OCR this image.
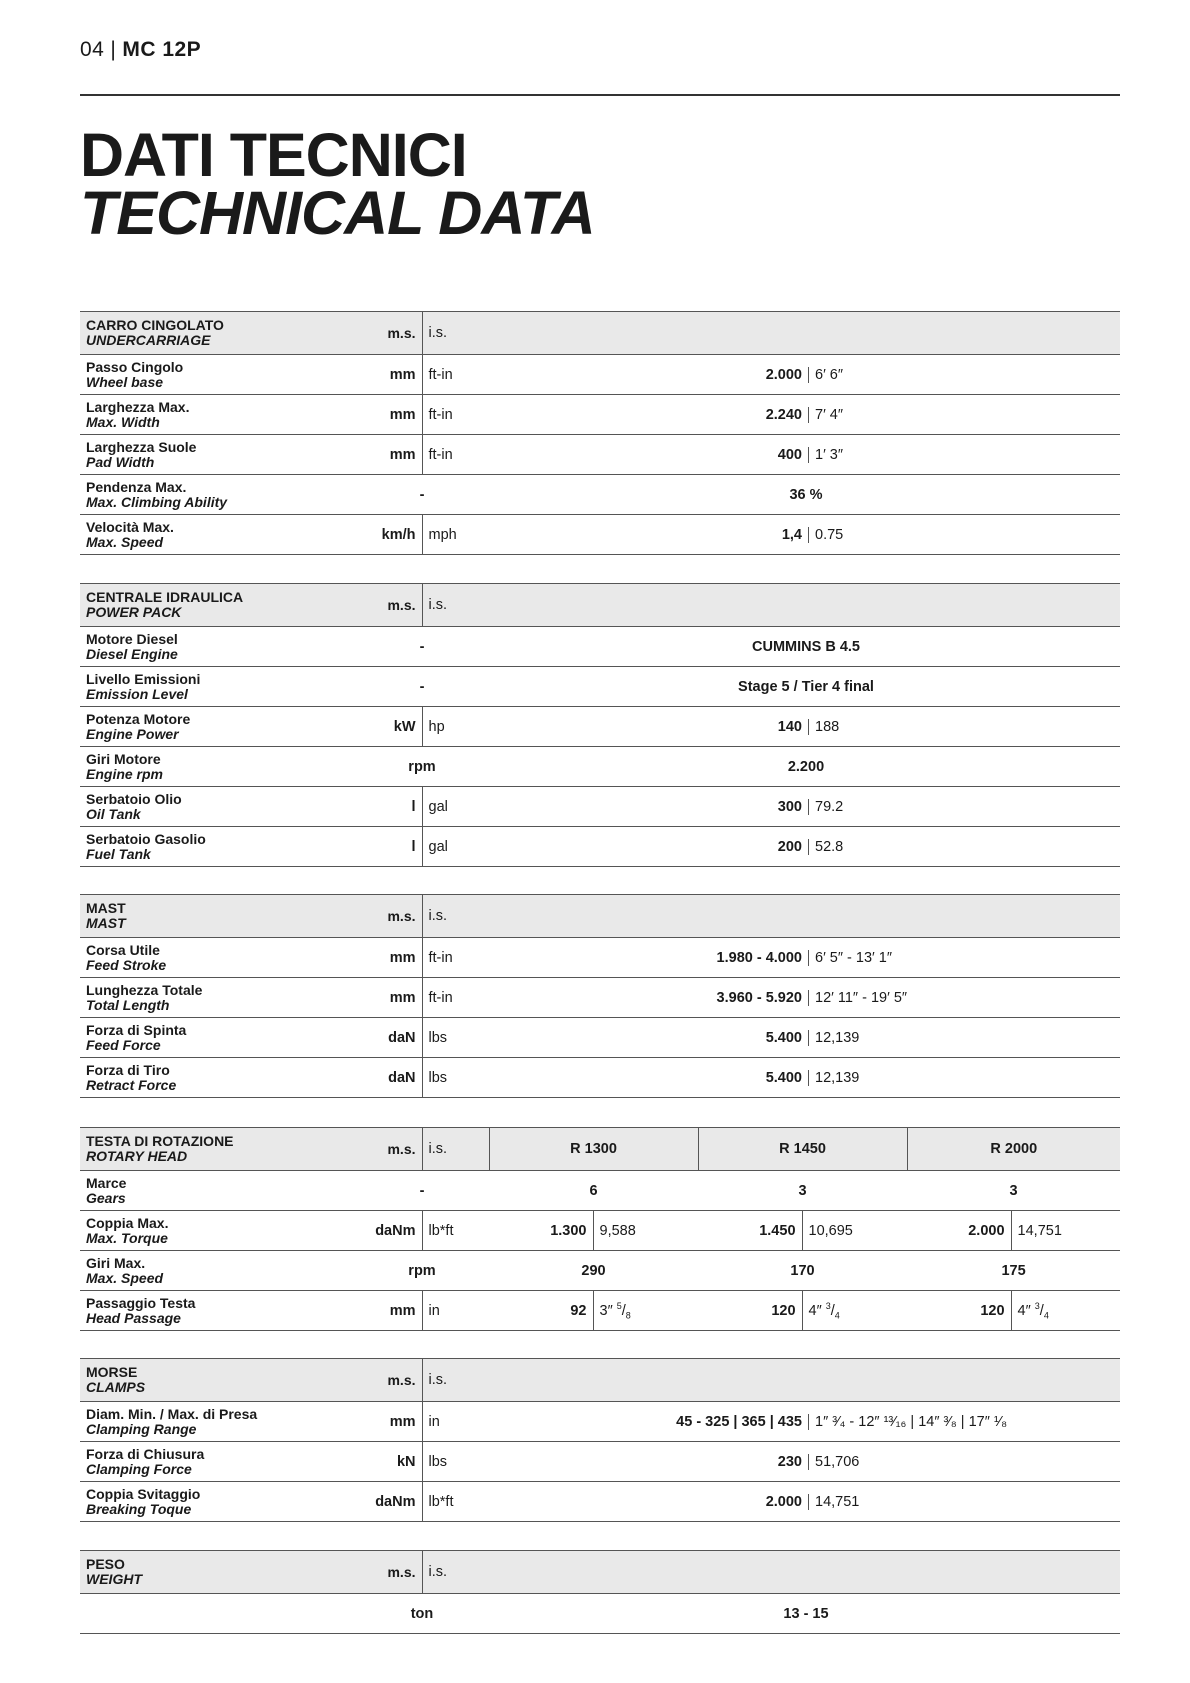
04 | MC 12P
DATI TECNICI
TECHNICAL DATA
CARRO CINGOLATO
UNDERCARRIAGE	m.s.	i.s.	

Passo Cingolo
Wheel base	mm	ft-in 2.000	6′ 6″

Larghezza Max.
Max. Width	mm	ft-in 2.240	7′ 4″

Larghezza Suole
Pad Width	mm	ft-in 400	1′ 3″

Pendenza Max.
Max. Climbing Ability	-	36 %	

Velocità Max.
Max. Speed	km/h	mph 1,4	0.75
CENTRALE IDRAULICA
POWER PACK	m.s.	i.s.	

Motore Diesel
Diesel Engine	-	CUMMINS B 4.5	

Livello Emissioni
Emission Level	-	Stage 5 / Tier 4 final	

Potenza Motore
Engine Power	kW	hp 140	188

Giri Motore
Engine rpm	rpm	2.200	

Serbatoio Olio
Oil Tank	l	gal 300	79.2

Serbatoio Gasolio
Fuel Tank	l	gal 200	52.8
MAST
MAST	m.s.	i.s.	

Corsa Utile
Feed Stroke	mm	ft-in 1.980 - 4.000	6′ 5″ - 13′ 1″

Lunghezza Totale
Total Length	mm	ft-in 3.960 - 5.920	12′ 11″ - 19′ 5″

Forza di Spinta
Feed Force	daN	lbs 5.400	12,139

Forza di Tiro
Retract Force	daN	lbs 5.400	12,139
TESTA DI ROTAZIONE
ROTARY HEAD	m.s.	i.s.	R 1300		R 1450		R 2000	

Marce
Gears	-		6		3		3	

Coppia Max.
Max. Torque	daNm	lb*ft	1.300	9,588	1.450	10,695	2.000	14,751

Giri Max.
Max. Speed	rpm		290		170		175	

Passaggio Testa
Head Passage	mm	in	92	3″ $^5/_8$	120	4″ $^3/_4$	120	4″ $^3/_4$
MORSE
CLAMPS	m.s.	i.s.	

Diam. Min. / Max. di Presa
Clamping Range	mm	in 45 - 325 | 365 | 435	1″ ³⁄₄ - 12″ ¹³⁄₁₆ | 14″ ³⁄₈ | 17″ ¹⁄₈

Forza di Chiusura
Clamping Force	kN	lbs 230	51,706

Coppia Svitaggio
Breaking Toque	daNm	lb*ft 2.000	14,751
PESO
WEIGHT	m.s.	i.s.
	ton	13 - 15
